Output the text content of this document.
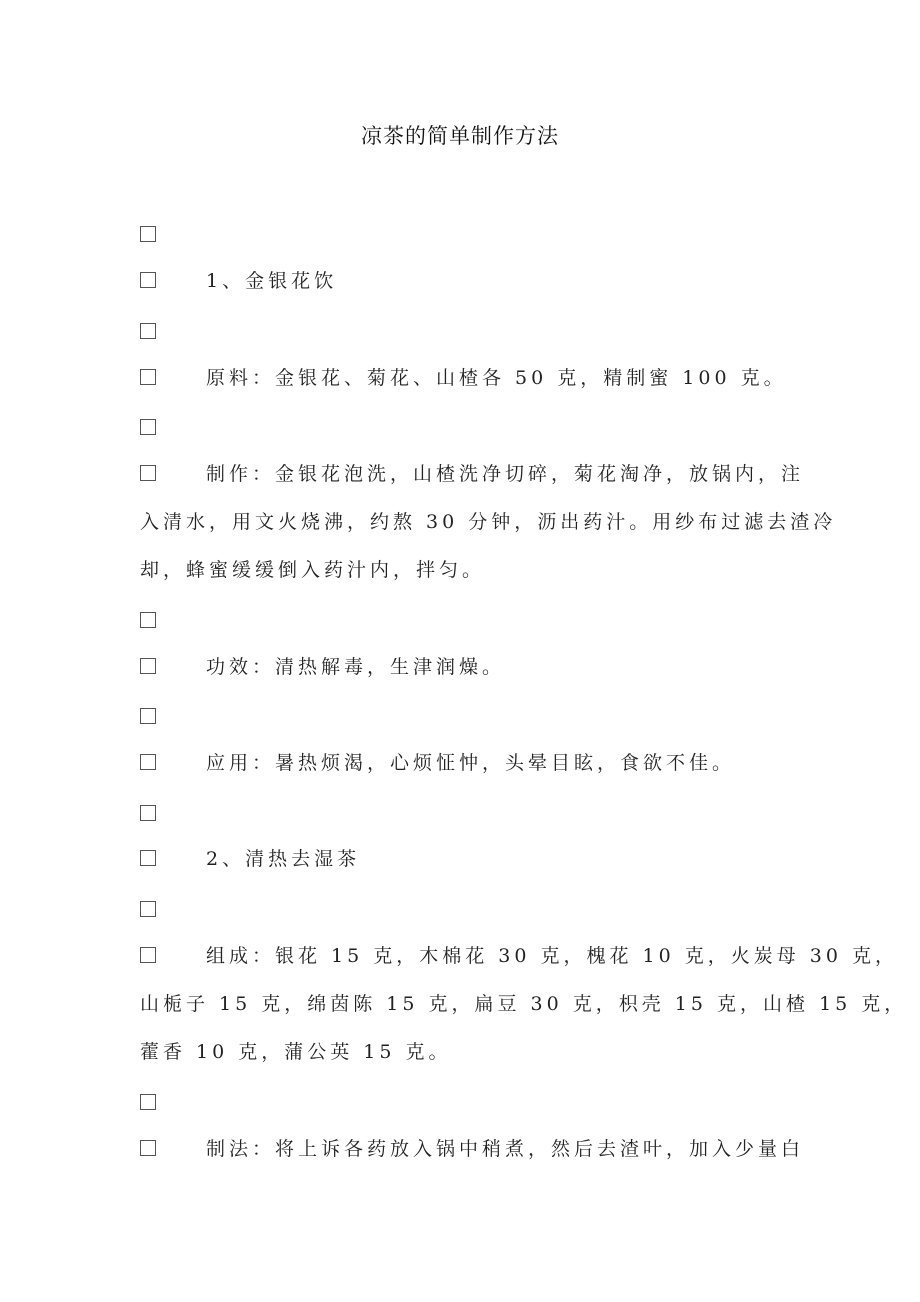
凉茶的简单制作方法
1、金银花饮
原料：金银花、菊花、山楂各 50 克，精制蜜 100 克。
制作：金银花泡洗，山楂洗净切碎，菊花淘净，放锅内，注
入清水，用文火烧沸，约熬 30 分钟，沥出药汁。用纱布过滤去渣冷
却，蜂蜜缓缓倒入药汁内，拌匀。
功效：清热解毒，生津润燥。
应用：暑热烦渴，心烦怔忡，头晕目眩，食欲不佳。
2、清热去湿茶
组成：银花 15 克，木棉花 30 克，槐花 10 克，火炭母 30 克，
山栀子 15 克，绵茵陈 15 克，扁豆 30 克，枳壳 15 克，山楂 15 克，
藿香 10 克，蒲公英 15 克。
制法：将上诉各药放入锅中稍煮，然后去渣叶，加入少量白
